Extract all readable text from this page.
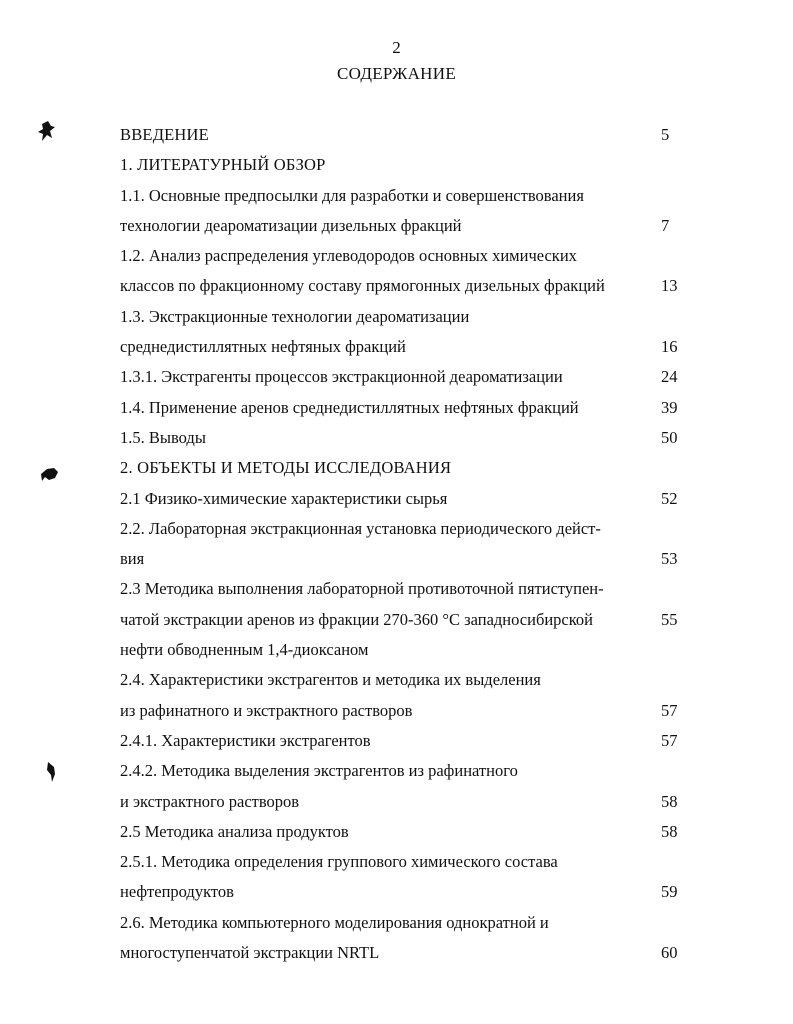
2
СОДЕРЖАНИЕ
ВВЕДЕНИЕ	5
1. ЛИТЕРАТУРНЫЙ ОБЗОР
1.1. Основные предпосылки для разработки и совершенствования
технологии деароматизации дизельных фракций	7
1.2. Анализ распределения углеводородов основных химических
классов по фракционному составу прямогонных дизельных фракций	13
1.3. Экстракционные технологии деароматизации
среднедистиллятных нефтяных фракций	16
1.3.1. Экстрагенты процессов экстракционной деароматизации	24
1.4. Применение аренов среднедистиллятных нефтяных фракций	39
1.5. Выводы	50
2. ОБЪЕКТЫ И МЕТОДЫ ИССЛЕДОВАНИЯ
2.1 Физико-химические характеристики сырья	52
2.2. Лабораторная экстракционная установка периодического дейст-
вия	53
2.3 Методика выполнения лабораторной противоточной пятиступен-
чатой экстракции аренов из фракции 270-360 °С западносибирской	55
нефти обводненным 1,4-диоксаном
2.4. Характеристики экстрагентов и методика их выделения
из рафинатного и экстрактного растворов	57
2.4.1. Характеристики экстрагентов	57
2.4.2. Методика выделения экстрагентов из рафинатного
и экстрактного растворов	58
2.5 Методика анализа продуктов	58
2.5.1. Методика определения группового химического состава
нефтепродуктов	59
2.6. Методика компьютерного моделирования однократной и
многоступенчатой экстракции NRTL	60
